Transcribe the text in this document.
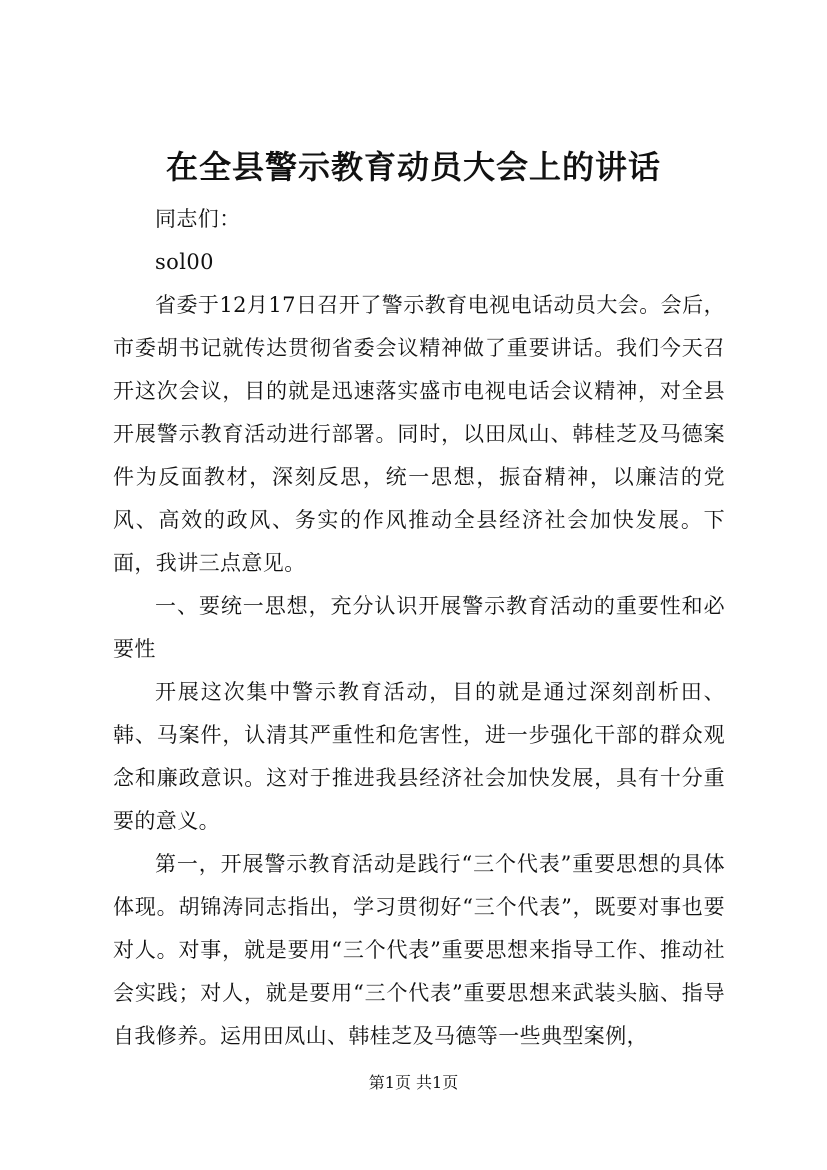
在全县警示教育动员大会上的讲话

同志们：

sol00

省委于12月17日召开了警示教育电视电话动员大会。会后，市委胡书记就传达贯彻省委会议精神做了重要讲话。我们今天召开这次会议，目的就是迅速落实盛市电视电话会议精神，对全县开展警示教育活动进行部署。同时，以田凤山、韩桂芝及马德案件为反面教材，深刻反思，统一思想，振奋精神，以廉洁的党风、高效的政风、务实的作风推动全县经济社会加快发展。下面，我讲三点意见。

一、要统一思想，充分认识开展警示教育活动的重要性和必要性

开展这次集中警示教育活动，目的就是通过深刻剖析田、韩、马案件，认清其严重性和危害性，进一步强化干部的群众观念和廉政意识。这对于推进我县经济社会加快发展，具有十分重要的意义。

第一，开展警示教育活动是践行“三个代表”重要思想的具体体现。胡锦涛同志指出，学习贯彻好“三个代表”，既要对事也要对人。对事，就是要用“三个代表”重要思想来指导工作、推动社会实践；对人，就是要用“三个代表”重要思想来武装头脑、指导自我修养。运用田凤山、韩桂芝及马德等一些典型案例，

第1页 共1页
